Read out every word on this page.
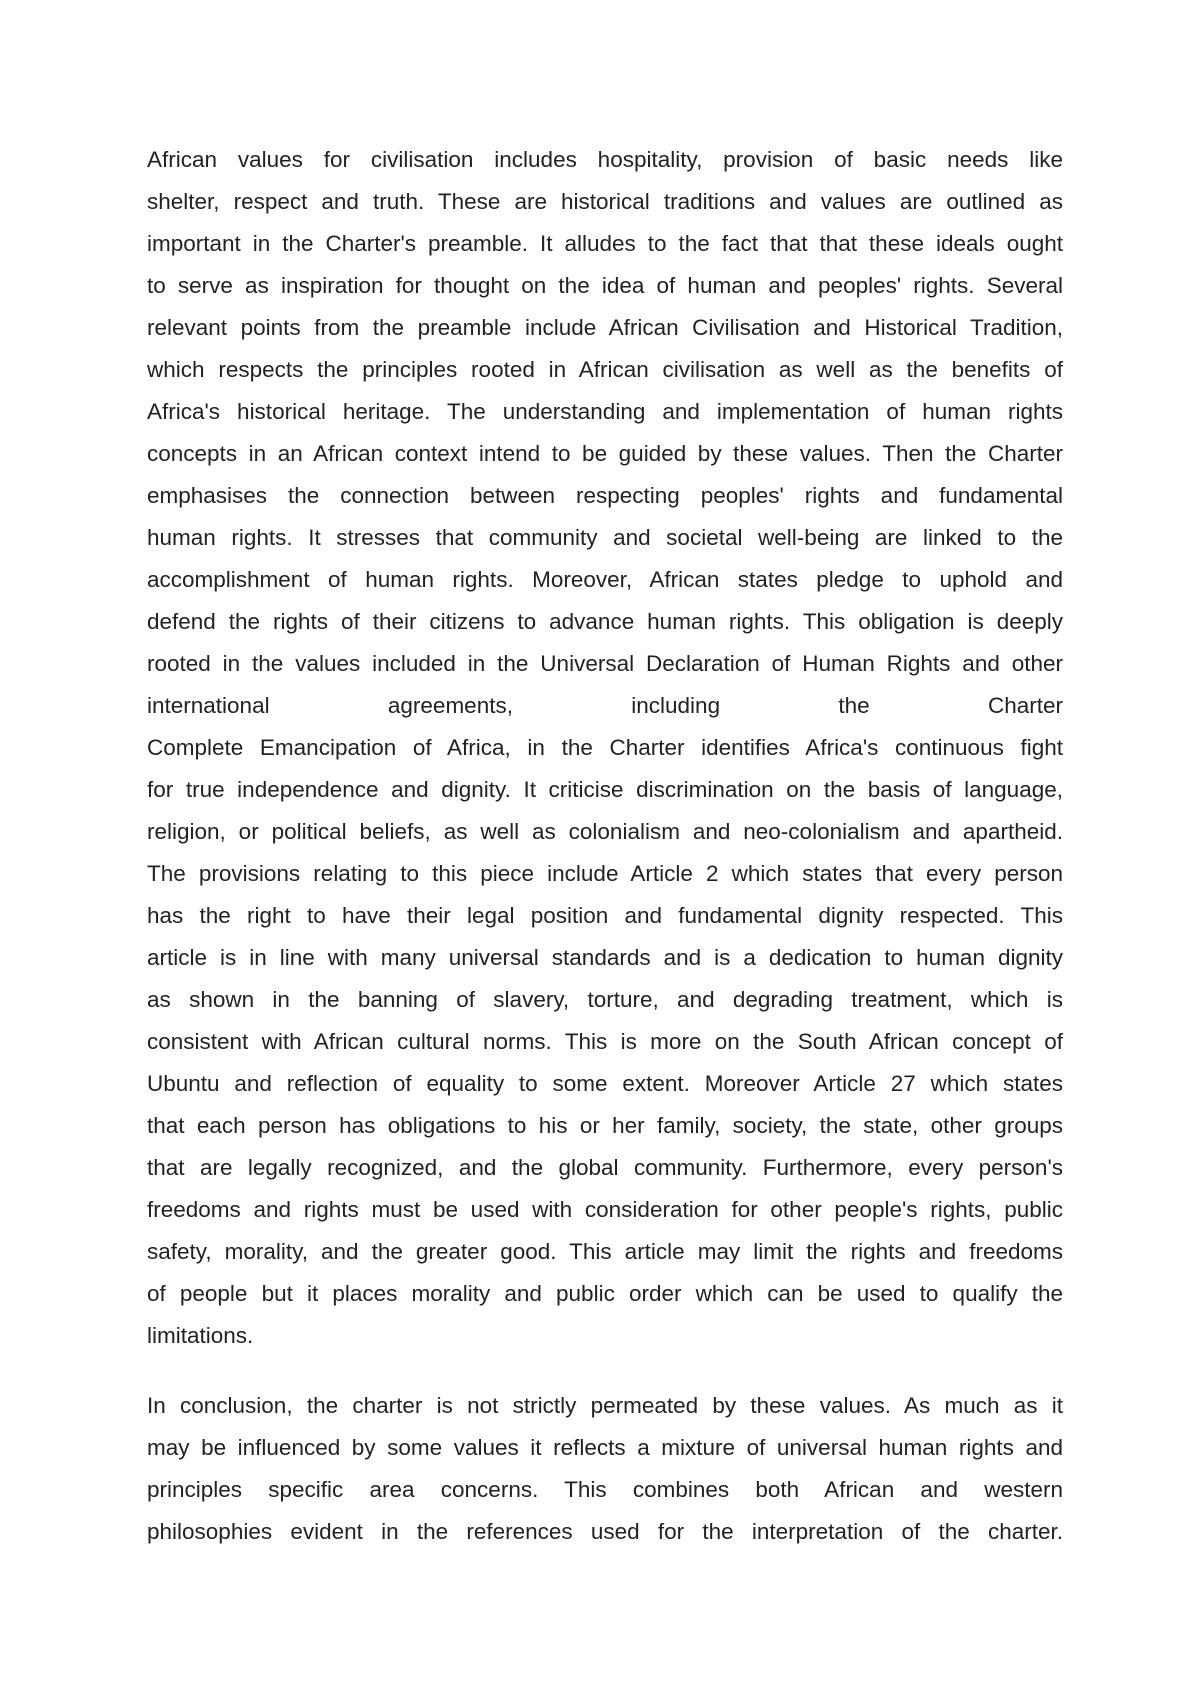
African values for civilisation includes hospitality, provision of basic needs like
shelter, respect and truth. These are historical traditions and values are outlined as
important in the Charter's preamble. It alludes to the fact that that these ideals ought
to serve as inspiration for thought on the idea of human and peoples' rights. Several
relevant points from the preamble include African Civilisation and Historical Tradition,
which respects the principles rooted in African civilisation as well as the benefits of
Africa's historical heritage. The understanding and implementation of human rights
concepts in an African context intend to be guided by these values. Then the Charter
emphasises the connection between respecting peoples' rights and fundamental
human rights. It stresses that community and societal well-being are linked to the
accomplishment of human rights. Moreover, African states pledge to uphold and
defend the rights of their citizens to advance human rights. This obligation is deeply
rooted in the values included in the Universal Declaration of Human Rights and other
international agreements, including the Charter
Complete Emancipation of Africa, in the Charter identifies Africa's continuous fight
for true independence and dignity. It criticise discrimination on the basis of language,
religion, or political beliefs, as well as colonialism and neo-colonialism and apartheid.
The provisions relating to this piece include Article 2 which states that every person
has the right to have their legal position and fundamental dignity respected. This
article is in line with many universal standards and is a dedication to human dignity
as shown in the banning of slavery, torture, and degrading treatment, which is
consistent with African cultural norms. This is more on the South African concept of
Ubuntu and reflection of equality to some extent. Moreover Article 27 which states
that each person has obligations to his or her family, society, the state, other groups
that are legally recognized, and the global community. Furthermore, every person's
freedoms and rights must be used with consideration for other people's rights, public
safety, morality, and the greater good. This article may limit the rights and freedoms
of people but it places morality and public order which can be used to qualify the
limitations.
In conclusion, the charter is not strictly permeated by these values. As much as it
may be influenced by some values it reflects a mixture of universal human rights and
principles specific area concerns. This combines both African and western
philosophies evident in the references used for the interpretation of the charter.
